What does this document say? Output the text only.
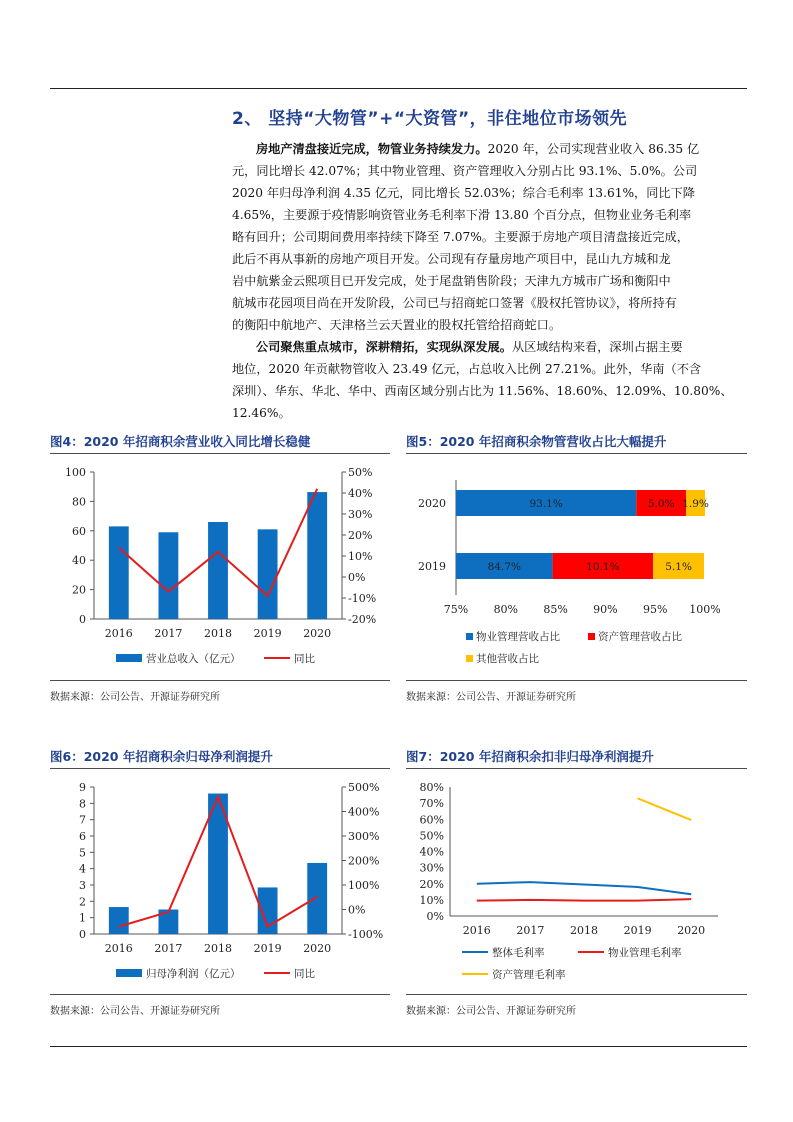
2、 坚持“大物管”+“大资管”，非住地位市场领先
房地产清盘接近完成，物管业务持续发力。2020 年，公司实现营业收入 86.35 亿
元，同比增长 42.07%；其中物业管理、资产管理收入分别占比 93.1%、5.0%。公司
2020 年归母净利润 4.35 亿元，同比增长 52.03%；综合毛利率 13.61%，同比下降
4.65%，主要源于疫情影响资管业务毛利率下滑 13.80 个百分点，但物业业务毛利率
略有回升；公司期间费用率持续下降至 7.07%。主要源于房地产项目清盘接近完成，
此后不再从事新的房地产项目开发。公司现有存量房地产项目中，昆山九方城和龙
岩中航紫金云熙项目已开发完成，处于尾盘销售阶段；天津九方城市广场和衡阳中
航城市花园项目尚在开发阶段，公司已与招商蛇口签署《股权托管协议》，将所持有
的衡阳中航地产、天津格兰云天置业的股权托管给招商蛇口。
公司聚焦重点城市，深耕精拓，实现纵深发展。从区域结构来看，深圳占据主要
地位，2020 年贡献物管收入 23.49 亿元，占总收入比例 27.21%。此外，华南（不含
深圳）、华东、华北、华中、西南区域分别占比为 11.56%、18.60%、12.09%、10.80%、
12.46%。
图4：2020 年招商积余营业收入同比增长稳健
数据来源：公司公告、开源证券研究所
图5：2020 年招商积余物管营收占比大幅提升
数据来源：公司公告、开源证券研究所
图6：2020 年招商积余归母净利润提升
数据来源：公司公告、开源证券研究所
图7：2020 年招商积余扣非归母净利润提升
数据来源：公司公告、开源证券研究所
0
20
40
60
80
100
-20%
-10%
0%
10%
20%
30%
40%
50%
2016 2017 2018 2019 2020
营业总收入（亿元）	同比
75% 80% 85% 90% 95% 100%
2020	93.1%	5.0% 1.9%
2019	84.7%	10.1%	5.1%
物业管理营收占比	资产管理营收占比
其他营收占比
0
1
2
3
4
5
6
7
8
9
-100%
0%
100%
200%
300%
400%
500%
2016 2017 2018 2019 2020
归母净利润（亿元）	同比
0%
10%
20%
30%
40%
50%
60%
70%
80%
2016 2017 2018 2019 2020
整体毛利率	物业管理毛利率
资产管理毛利率
